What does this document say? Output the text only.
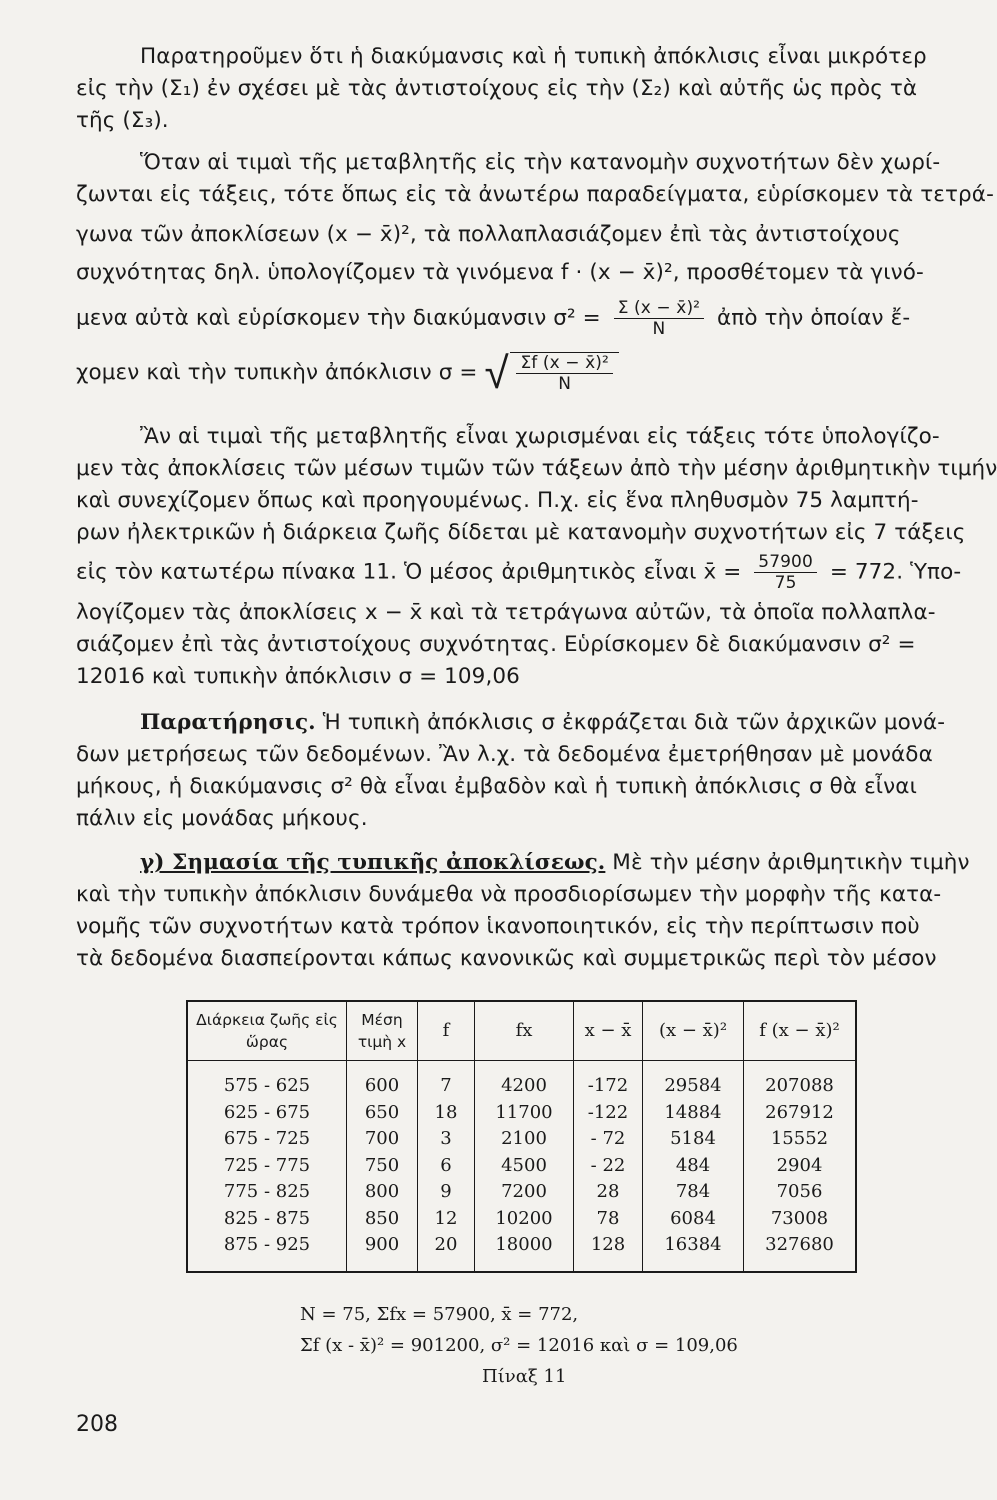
Παρατηροῦμεν ὅτι ἡ διακύμανσις καὶ ἡ τυπικὴ ἀπόκλισις εἶναι μικρότερ
εἰς τὴν (Σ₁) ἐν σχέσει μὲ τὰς ἀντιστοίχους εἰς τὴν (Σ₂) καὶ αὐτῆς ὡς πρὸς τὰ
τῆς (Σ₃).
Ὅταν αἱ τιμαὶ τῆς μεταβλητῆς εἰς τὴν κατανομὴν συχνοτήτων δὲν χωρί-
ζωνται εἰς τάξεις, τότε ὅπως εἰς τὰ ἀνωτέρω παραδείγματα, εὑρίσκομεν τὰ τετρά-
γωνα τῶν ἀποκλίσεων (x − x̄)², τὰ πολλαπλασιάζομεν ἐπὶ τὰς ἀντιστοίχους
συχνότητας δηλ. ὑπολογίζομεν τὰ γινόμενα f · (x − x̄)², προσθέτομεν τὰ γινό-
μενα αὐτὰ καὶ εὑρίσκομεν τὴν διακύμανσιν $\sigma^2 = \frac{\text{Σ (x − x̄)²}}{N}$ ἀπὸ τὴν ὁποίαν ἔ-
χομεν καὶ τὴν τυπικὴν ἀπόκλισιν σ = √ $\frac{\text{Σf (x − x̄)²}}{N}$
Ἂν αἱ τιμαὶ τῆς μεταβλητῆς εἶναι χωρισμέναι εἰς τάξεις τότε ὑπολογίζο-
μεν τὰς ἀποκλίσεις τῶν μέσων τιμῶν τῶν τάξεων ἀπὸ τὴν μέσην ἀριθμητικὴν τιμήν
καὶ συνεχίζομεν ὅπως καὶ προηγουμένως. Π.χ. εἰς ἕνα πληθυσμὸν 75 λαμπτή-
ρων ἠλεκτρικῶν ἡ διάρκεια ζωῆς δίδεται μὲ κατανομὴν συχνοτήτων εἰς 7 τάξεις
εἰς τὸν κατωτέρω πίνακα 11. Ὁ μέσος ἀριθμητικὸς εἶναι x̄ = $\frac{57900}{75} = 772$. Ὑπο-
λογίζομεν τὰς ἀποκλίσεις x − x̄ καὶ τὰ τετράγωνα αὐτῶν, τὰ ὁποῖα πολλαπλα-
σιάζομεν ἐπὶ τὰς ἀντιστοίχους συχνότητας. Εὑρίσκομεν δὲ διακύμανσιν σ² =
12016 καὶ τυπικὴν ἀπόκλισιν σ = 109,06
Παρατήρησις. Ἡ τυπικὴ ἀπόκλισις σ ἐκφράζεται διὰ τῶν ἀρχικῶν μονά-
δων μετρήσεως τῶν δεδομένων. Ἂν λ.χ. τὰ δεδομένα ἐμετρήθησαν μὲ μονάδα
μήκους, ἡ διακύμανσις σ² θὰ εἶναι ἐμβαδὸν καὶ ἡ τυπικὴ ἀπόκλισις σ θὰ εἶναι
πάλιν εἰς μονάδας μήκους.
γ) Σημασία τῆς τυπικῆς ἀποκλίσεως. Μὲ τὴν μέσην ἀριθμητικὴν τιμὴν
καὶ τὴν τυπικὴν ἀπόκλισιν δυνάμεθα νὰ προσδιορίσωμεν τὴν μορφὴν τῆς κατα-
νομῆς τῶν συχνοτήτων κατὰ τρόπον ἱκανοποιητικόν, εἰς τὴν περίπτωσιν ποὺ
τὰ δεδομένα διασπείρονται κάπως κανονικῶς καὶ συμμετρικῶς περὶ τὸν μέσον
Διάρκεια ζωῆς εἰς ὥρας	Μέση τιμὴ x	f	fx	x − x̄	(x − x̄)²	f (x − x̄)²
575 - 625	600	7	4200	-172	29584	207088
625 - 675	650	18	11700	-122	14884	267912
675 - 725	700	3	2100	- 72	5184	15552
725 - 775	750	6	4500	- 22	484	2904
775 - 825	800	9	7200	28	784	7056
825 - 875	850	12	10200	78	6084	73008
875 - 925	900	20	18000	128	16384	327680
N = 75, Σfx = 57900, x̄ = 772,
Σf (x - x̄)² = 901200, σ² = 12016 καὶ σ = 109,06
Πίναξ 11
208
